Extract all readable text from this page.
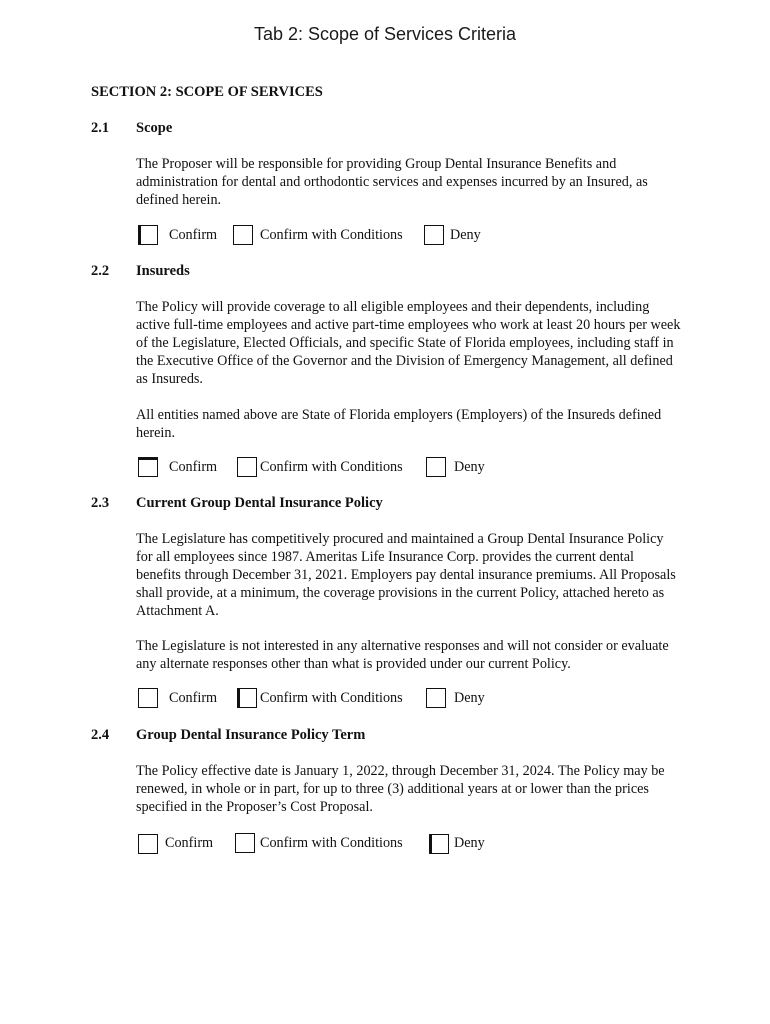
Tab 2: Scope of Services Criteria
SECTION 2: SCOPE OF SERVICES
2.1 Scope
The Proposer will be responsible for providing Group Dental Insurance Benefits and administration for dental and orthodontic services and expenses incurred by an Insured, as defined herein.
Confirm	Confirm with Conditions	Deny
2.2 Insureds
The Policy will provide coverage to all eligible employees and their dependents, including active full-time employees and active part-time employees who work at least 20 hours per week of the Legislature, Elected Officials, and specific State of Florida employees, including staff in the Executive Office of the Governor and the Division of Emergency Management, all defined as Insureds.
All entities named above are State of Florida employers (Employers) of the Insureds defined herein.
Confirm	Confirm with Conditions	Deny
2.3 Current Group Dental Insurance Policy
The Legislature has competitively procured and maintained a Group Dental Insurance Policy for all employees since 1987. Ameritas Life Insurance Corp. provides the current dental benefits through December 31, 2021. Employers pay dental insurance premiums. All Proposals shall provide, at a minimum, the coverage provisions in the current Policy, attached hereto as Attachment A.
The Legislature is not interested in any alternative responses and will not consider or evaluate any alternate responses other than what is provided under our current Policy.
Confirm	Confirm with Conditions	Deny
2.4 Group Dental Insurance Policy Term
The Policy effective date is January 1, 2022, through December 31, 2024. The Policy may be renewed, in whole or in part, for up to three (3) additional years at or lower than the prices specified in the Proposer’s Cost Proposal.
Confirm	Confirm with Conditions	Deny
